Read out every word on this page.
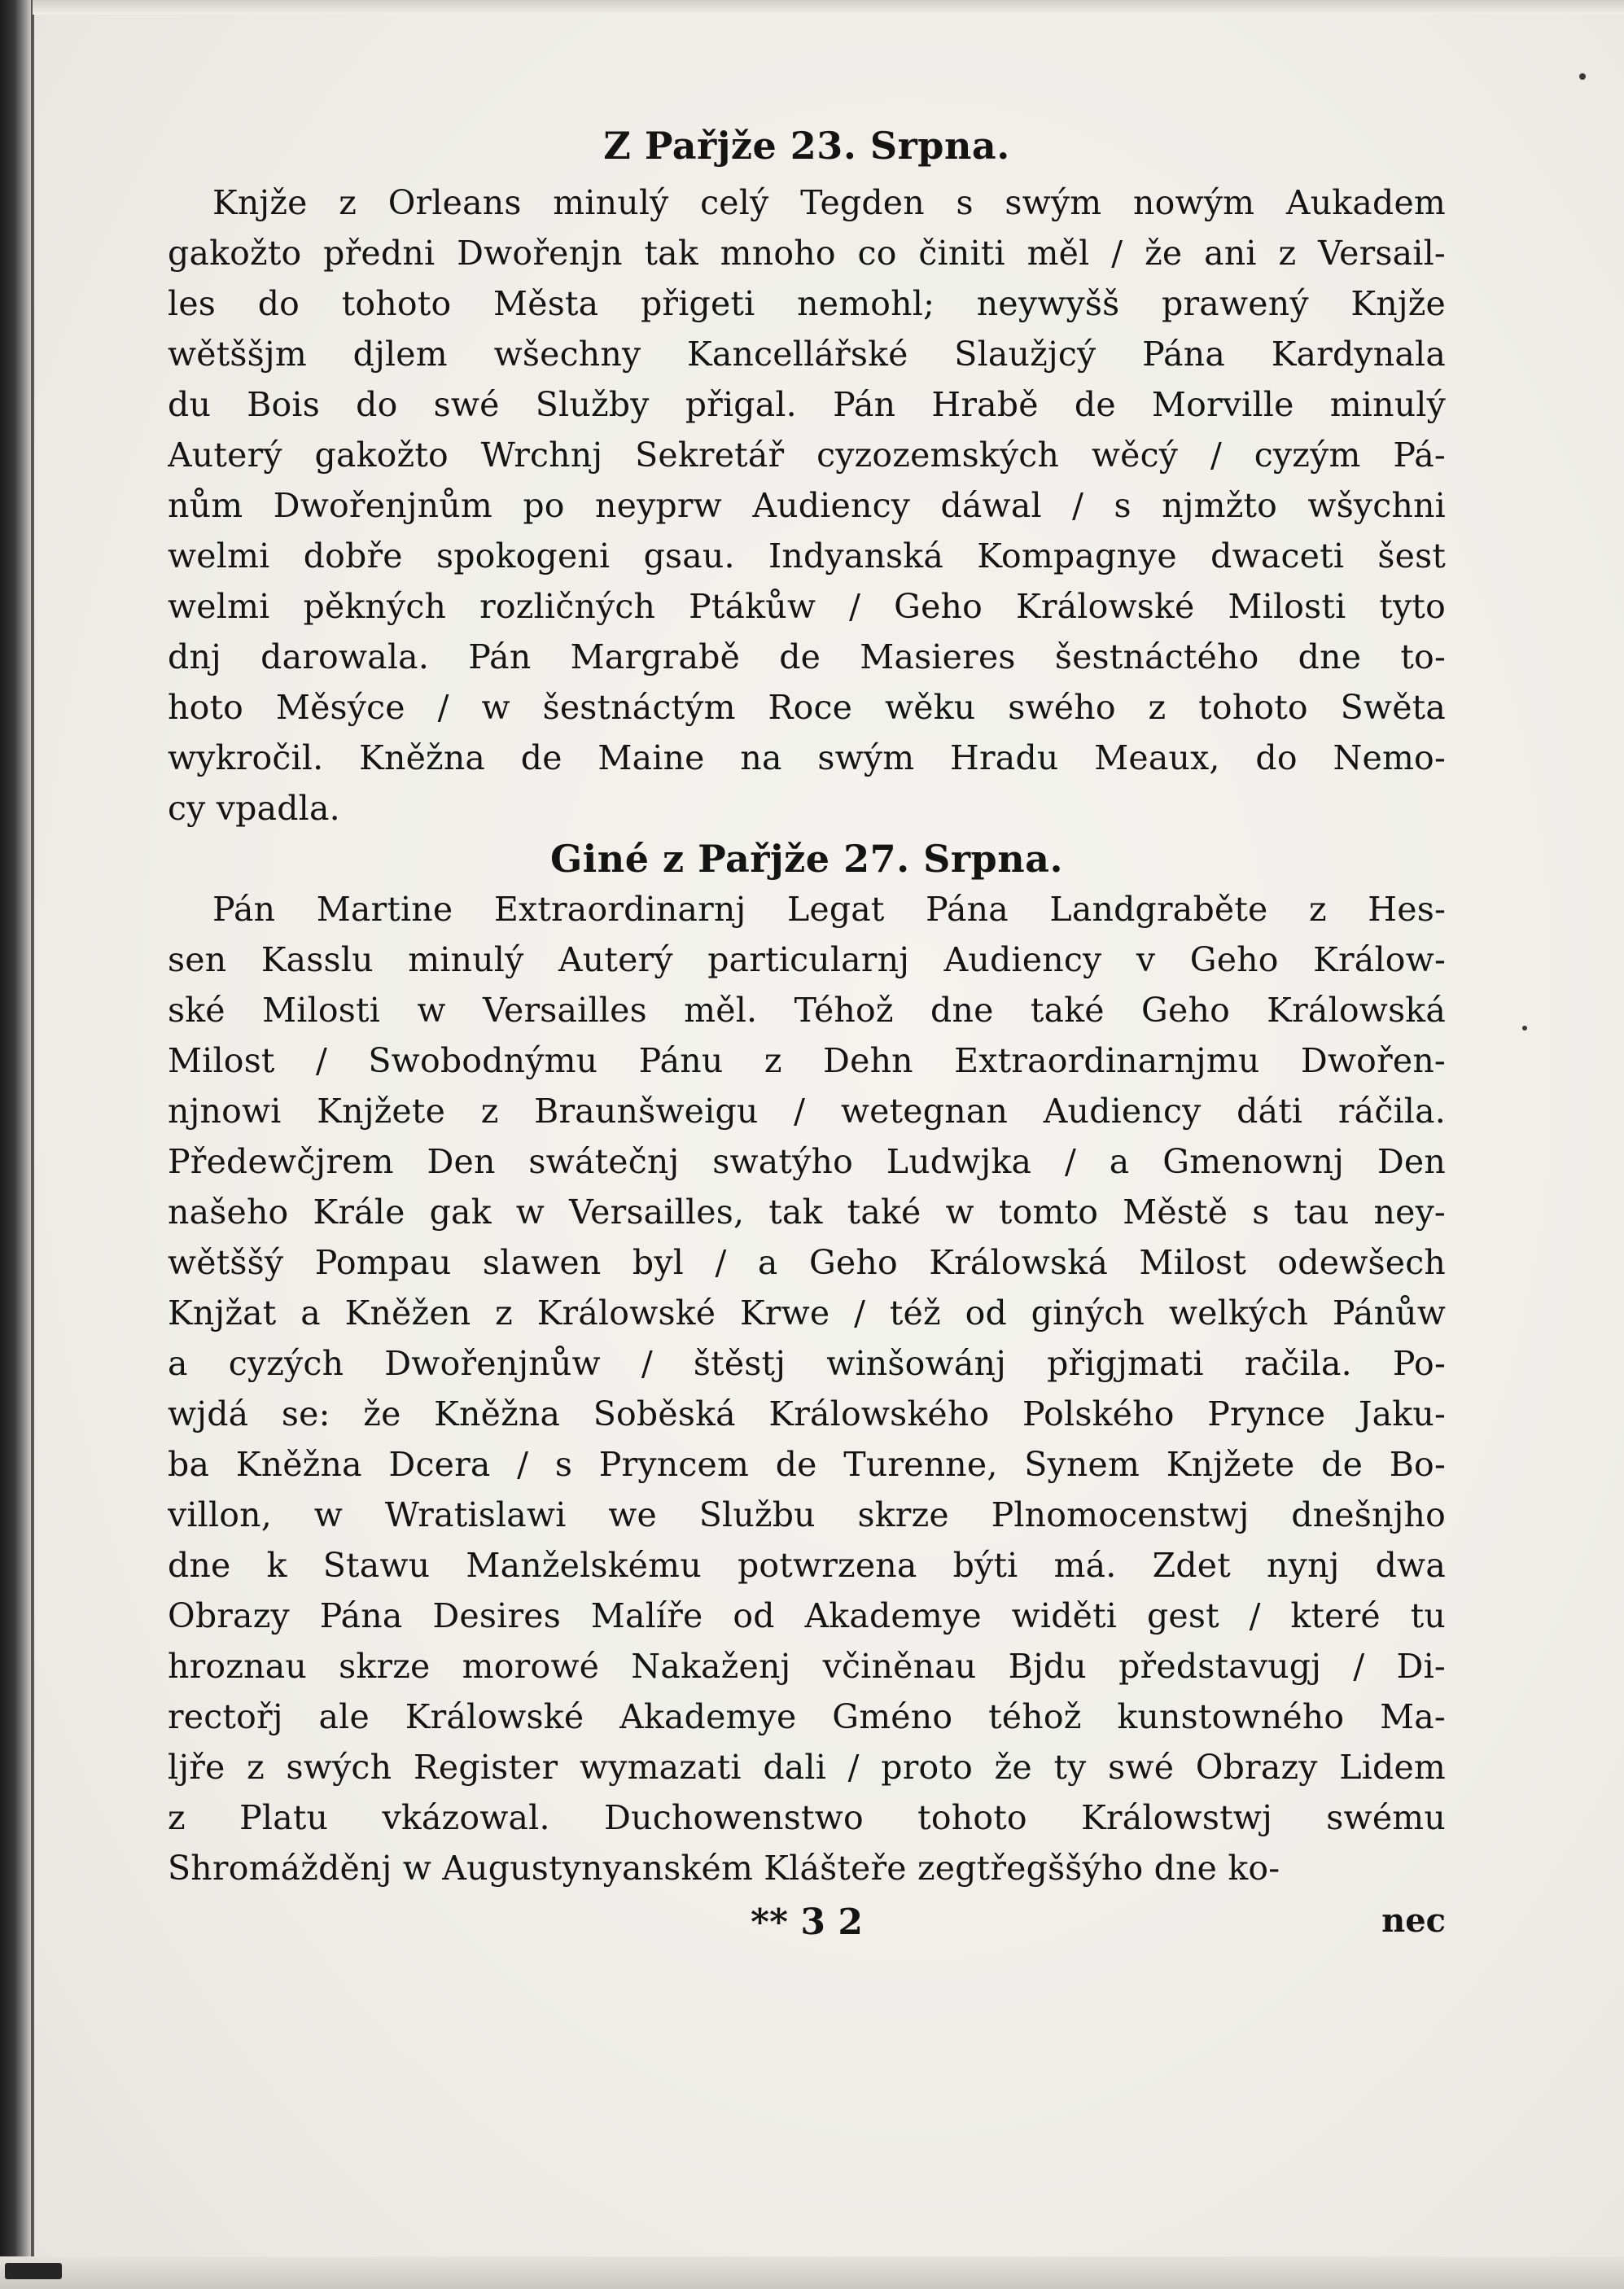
Z Pařjže 23. Srpna.
Knjže z Orleans minulý celý Tegden s swým nowým Aukadem
gakožto předni Dwořenjn tak mnoho co činiti měl / že ani z Versail-
les do tohoto Města přigeti nemohl; neywyšš prawený Knjže
wětššjm djlem wšechny Kancellářské Slaužjcý Pána Kardynala
du Bois do swé Služby přigal. Pán Hrabě de Morville minulý
Auterý gakožto Wrchnj Sekretář cyzozemských wěcý / cyzým Pá-
nům Dwořenjnům po neyprw Audiency dáwal / s njmžto wšychni
welmi dobře spokogeni gsau. Indyanská Kompagnye dwaceti šest
welmi pěkných rozličných Ptákůw / Geho Králowské Milosti tyto
dnj darowala. Pán Margrabě de Masieres šestnáctého dne to-
hoto Měsýce / w šestnáctým Roce wěku swého z tohoto Swěta
wykročil. Kněžna de Maine na swým Hradu Meaux, do Nemo-
cy vpadla.
Giné z Pařjže 27. Srpna.
Pán Martine Extraordinarnj Legat Pána Landgraběte z Hes-
sen Kasslu minulý Auterý particularnj Audiency v Geho Králow-
ské Milosti w Versailles měl. Téhož dne také Geho Králowská
Milost / Swobodnýmu Pánu z Dehn Extraordinarnjmu Dwořen-
njnowi Knjžete z Braunšweigu / wetegnan Audiency dáti ráčila.
Předewčjrem Den swátečnj swatýho Ludwjka / a Gmenownj Den
našeho Krále gak w Versailles, tak také w tomto Městě s tau ney-
wětššý Pompau slawen byl / a Geho Králowská Milost odewšech
Knjžat a Kněžen z Králowské Krwe / též od giných welkých Pánůw
a cyzých Dwořenjnůw / štěstj winšowánj přigjmati račila. Po-
wjdá se: že Kněžna Soběská Králowského Polského Prynce Jaku-
ba Kněžna Dcera / s Pryncem de Turenne, Synem Knjžete de Bo-
villon, w Wratislawi we Službu skrze Plnomocenstwj dnešnjho
dne k Stawu Manželskému potwrzena býti má. Zdet nynj dwa
Obrazy Pána Desires Malíře od Akademye widěti gest / které tu
hroznau skrze morowé Nakaženj včiněnau Bjdu představugj / Di-
rectořj ale Králowské Akademye Gméno téhož kunstowného Ma-
ljře z swých Register wymazati dali / proto že ty swé Obrazy Lidem
z Platu vkázowal. Duchowenstwo tohoto Králowstwj swému
Shromážděnj w Augustynyanském Klášteře zegtřegššýho dne ko-
** 3 2	nec
